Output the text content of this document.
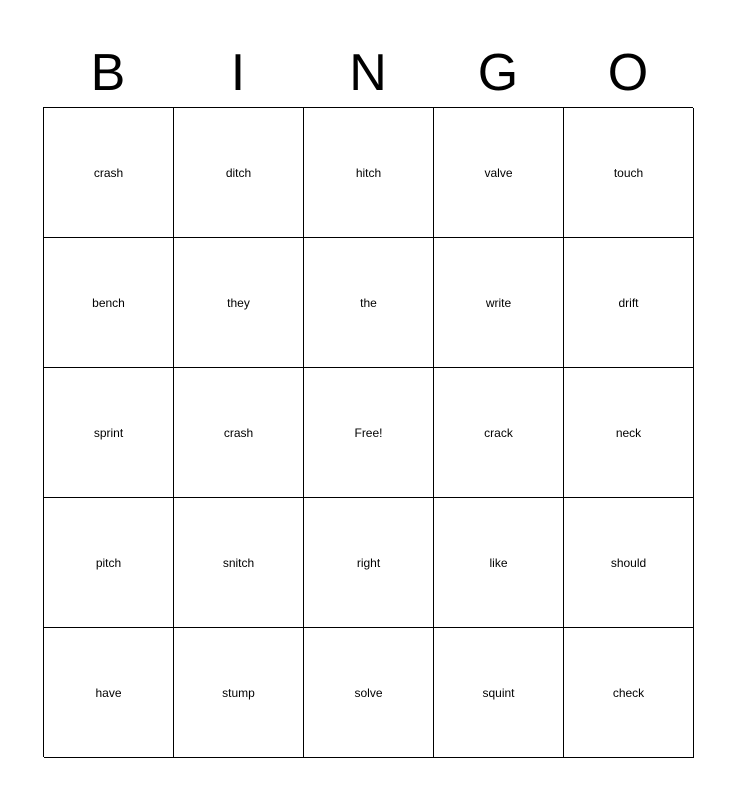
B	I	N	G	O
crash	ditch	hitch	valve	touch
bench	they	the	write	drift
sprint	crash	Free!	crack	neck
pitch	snitch	right	like	should
have	stump	solve	squint	check
